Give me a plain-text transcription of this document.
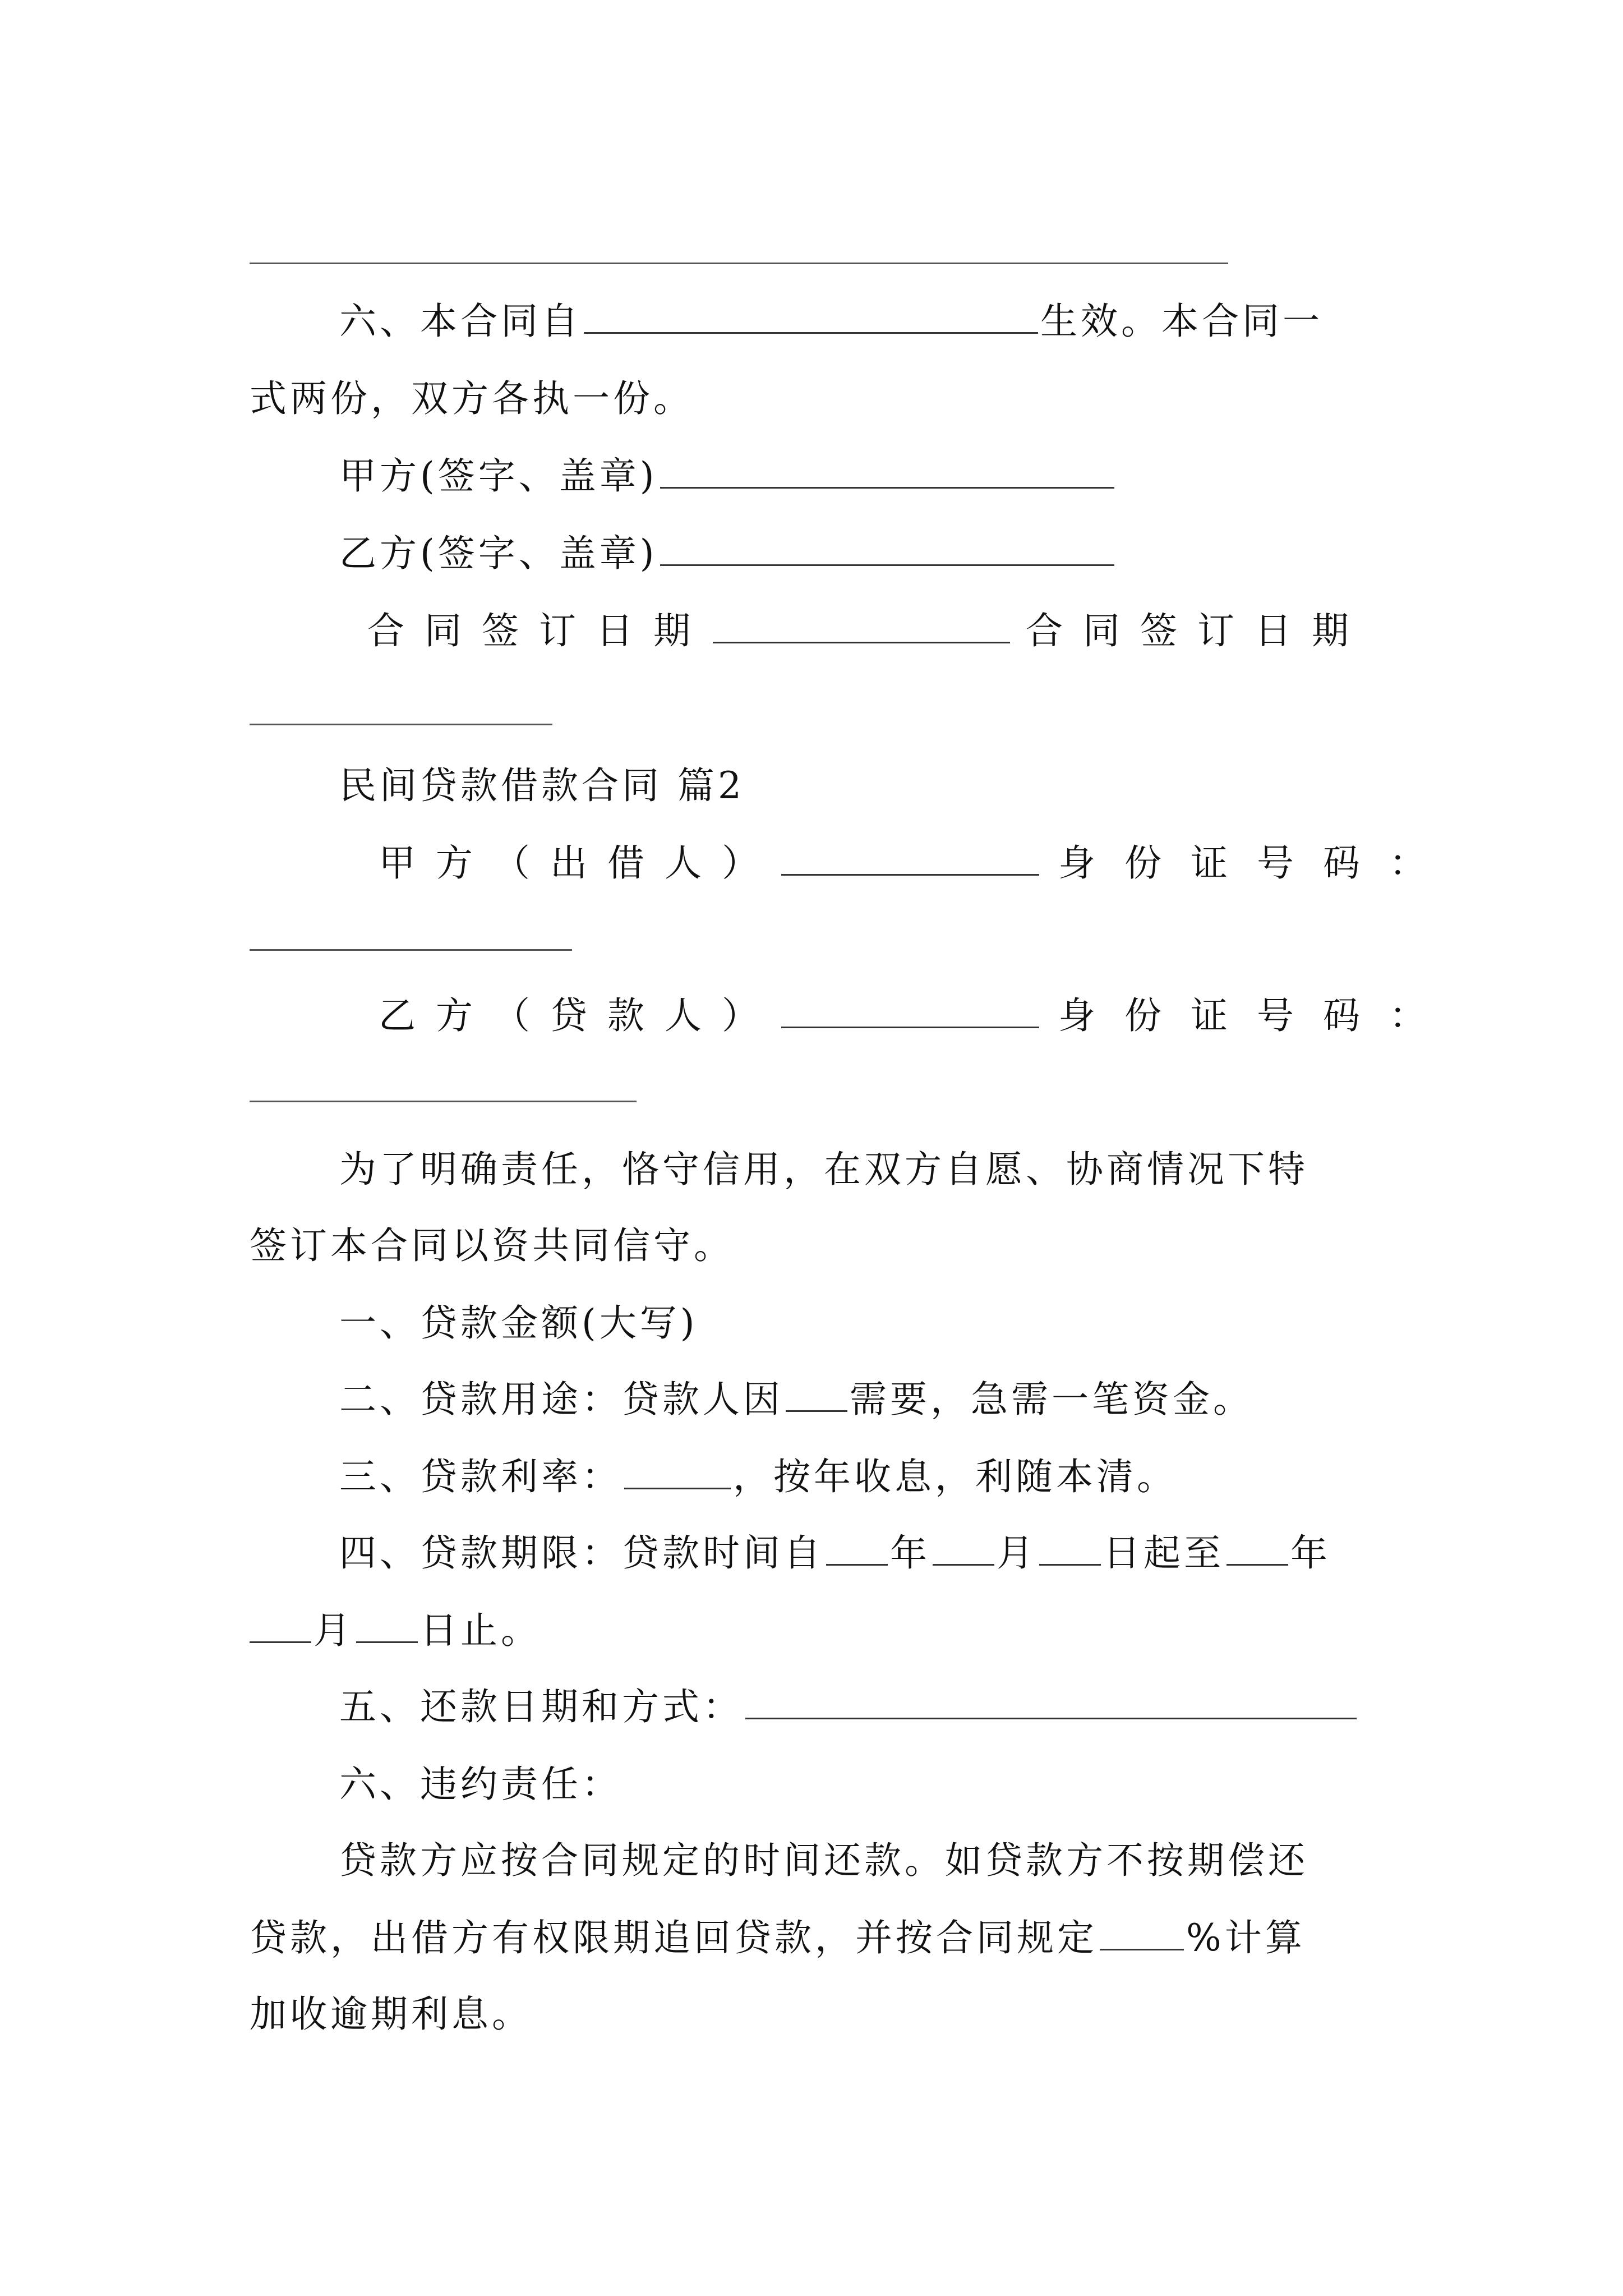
六、本合同自	生效。本合同一
式两份，双方各执一份。
甲方(签字、盖章)
乙方(签字、盖章)
合同签订日期	合同签订日期
民间贷款借款合同 篇2
甲方（出借人）	身份证号码：
乙方（贷款人）	身份证号码：
为了明确责任，恪守信用，在双方自愿、协商情况下特
签订本合同以资共同信守。
一、贷款金额(大写)
二、贷款用途：贷款人因 需要，急需一笔资金。
三、贷款利率：	，按年收息，利随本清。
四、贷款期限：贷款时间自 年 月 日起至 年
月 日止。
五、还款日期和方式：
六、违约责任：
贷款方应按合同规定的时间还款。如贷款方不按期偿还
贷款，出借方有权限期追回贷款，并按合同规定 %计算
加收逾期利息。
